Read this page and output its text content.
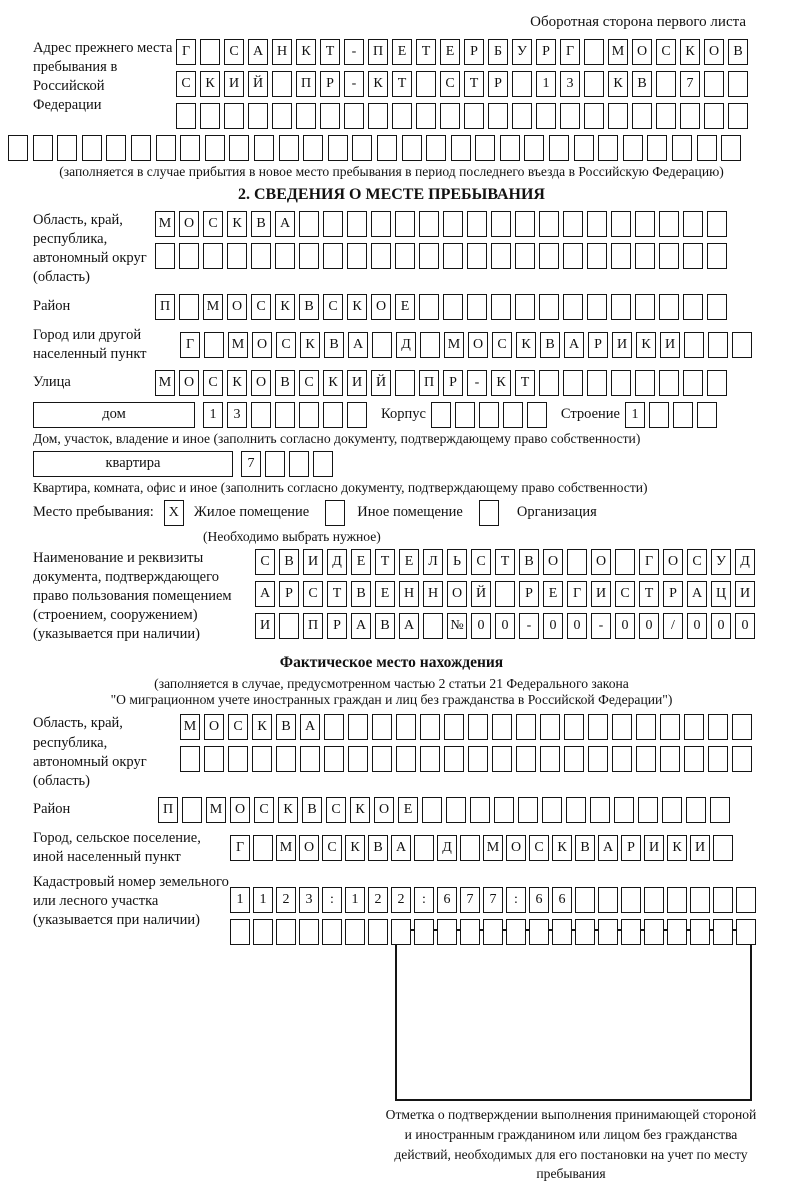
Оборотная сторона первого листа
Адрес прежнего места пребывания в Российской Федерации
Г	С	А Н	К	Т	-	П	Е	Т	Е	Р	Б	У	Р	Г	М О	С	К	О	В
С	К	И Й	П	Р	-	К	Т	С	Т	Р	1	3	К	В	7
(заполняется в случае прибытия в новое место пребывания в период последнего въезда в Российскую Федерацию)
2. СВЕДЕНИЯ О МЕСТЕ ПРЕБЫВАНИЯ
Область, край, республика, автономный округ (область)
М О	С	К	В	А
Район	П	М О	С	К	В	С	К	О	Е
Город или другой населенный пункт
Г	М О	С	К	В	А	Д	М О	С	К	В	А	Р	И	К	И
Улица	М О	С	К	О	В	С	К	И Й	П	Р	-	К	Т
дом	1	3	Корпус	Строение 1
Дом, участок, владение и иное (заполнить согласно документу, подтверждающему право собственности)
квартира	7
Квартира, комната, офис и иное (заполнить согласно документу, подтверждающему право собственности)
Место пребывания:	X	Жилое помещение	Иное помещение	Организация
(Необходимо выбрать нужное)
Наименование и реквизиты документа, подтверждающего право пользования помещением (строением, сооружением) (указывается при наличии)
С	В	И	Д	Е	Т	Е	Л	Ь	С	Т	В	О	О	Г	О	С	У	Д
А	Р	С	Т	В	Е	Н Н О Й	Р	Е	Г	И	С	Т	Р	А Ц И
И	П	Р	А	В	А	№ 0	0	-	0	0	-	0	0	/	0	0	0
Фактическое место нахождения
(заполняется в случае, предусмотренном частью 2 статьи 21 Федерального закона
"О миграционном учете иностранных граждан и лиц без гражданства в Российской Федерации")
Область, край, республика, автономный округ (область)
М О	С	К	В	А
Район	П	М О	С	К	В	С	К	О	Е
Город, сельское поселение, иной населенный пункт
Г	М О С К В А	Д	М О С К В А	Р	И К И
Кадастровый номер земельного или лесного участка (указывается при наличии)
1	1	2	3	:	1	2	2	:	6	7	7	:	6	6
Отметка о подтверждении выполнения принимающей стороной и иностранным гражданином или лицом без гражданства действий, необходимых для его постановки на учет по месту пребывания
